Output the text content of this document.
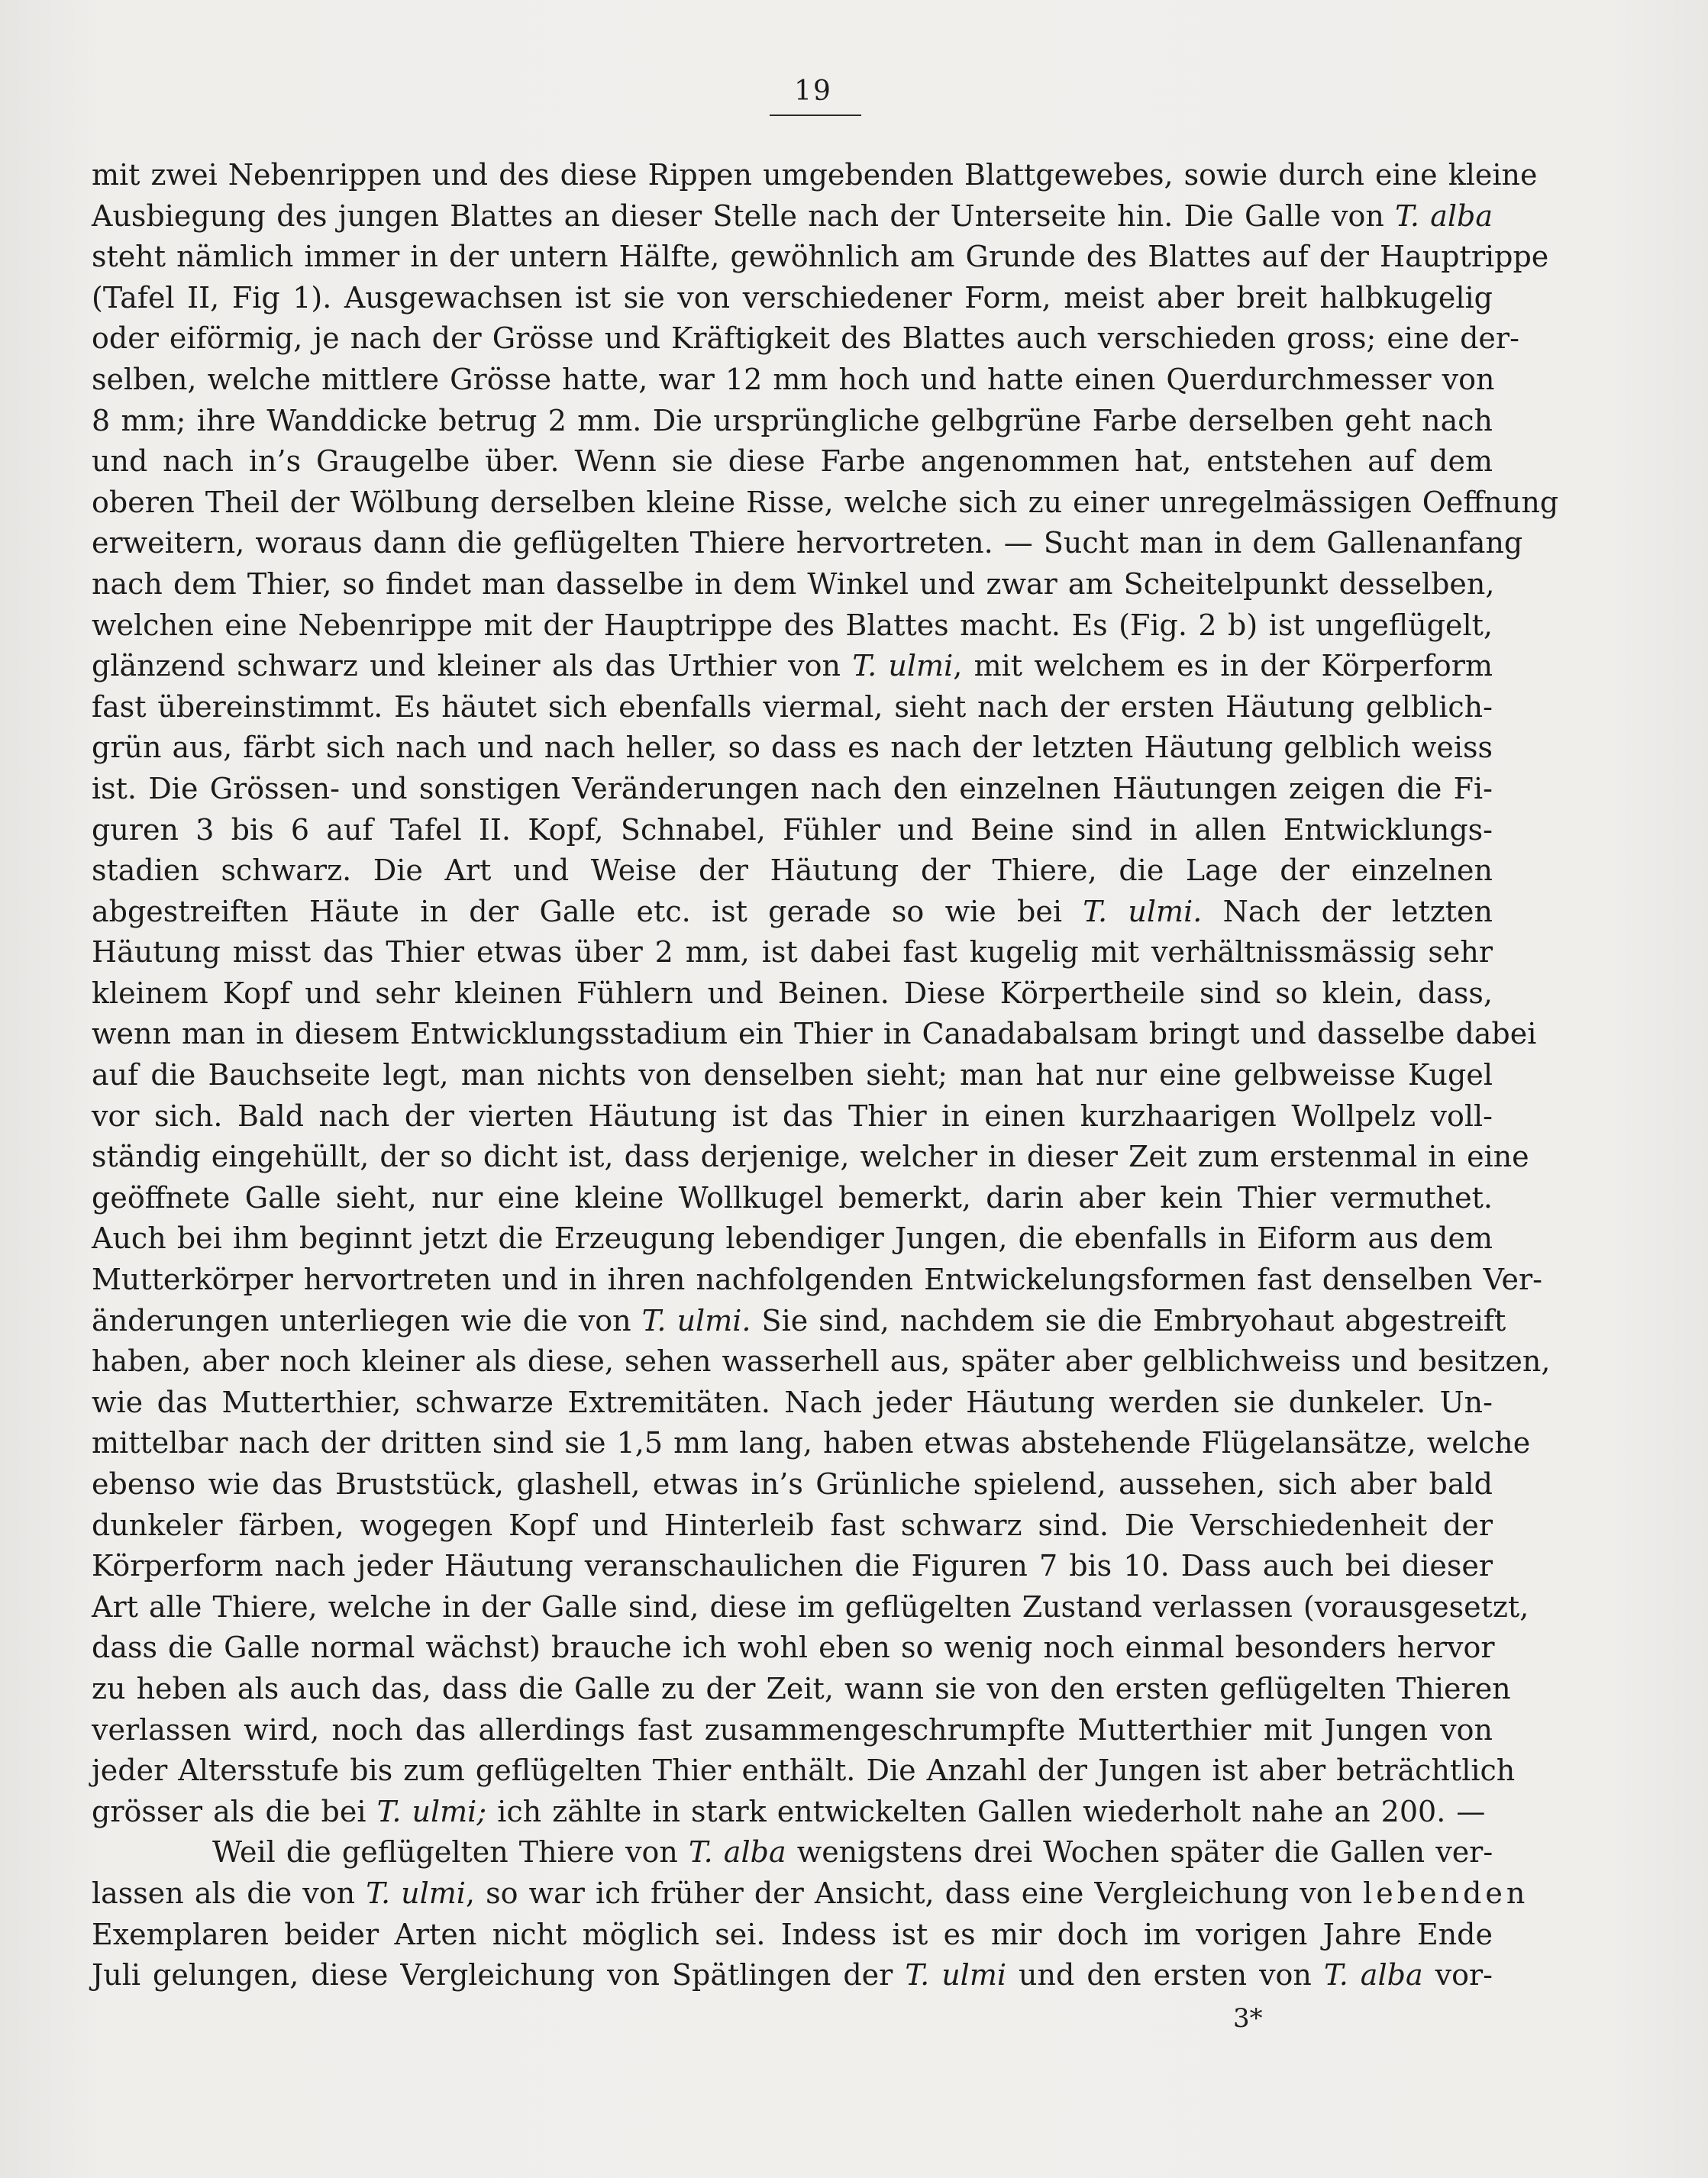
19
mit zwei Nebenrippen und des diese Rippen umgebenden Blattgewebes, sowie durch eine kleine
Ausbiegung des jungen Blattes an dieser Stelle nach der Unterseite hin. Die Galle von T. alba
steht nämlich immer in der untern Hälfte, gewöhnlich am Grunde des Blattes auf der Hauptrippe
(Tafel II, Fig 1). Ausgewachsen ist sie von verschiedener Form, meist aber breit halbkugelig
oder eiförmig, je nach der Grösse und Kräftigkeit des Blattes auch verschieden gross; eine der-
selben, welche mittlere Grösse hatte, war 12 mm hoch und hatte einen Querdurchmesser von
8 mm; ihre Wanddicke betrug 2 mm. Die ursprüngliche gelbgrüne Farbe derselben geht nach
und nach in’s Graugelbe über. Wenn sie diese Farbe angenommen hat, entstehen auf dem
oberen Theil der Wölbung derselben kleine Risse, welche sich zu einer unregelmässigen Oeffnung
erweitern, woraus dann die geflügelten Thiere hervortreten. — Sucht man in dem Gallenanfang
nach dem Thier, so findet man dasselbe in dem Winkel und zwar am Scheitelpunkt desselben,
welchen eine Nebenrippe mit der Hauptrippe des Blattes macht. Es (Fig. 2 b) ist ungeflügelt,
glänzend schwarz und kleiner als das Urthier von T. ulmi, mit welchem es in der Körperform
fast übereinstimmt. Es häutet sich ebenfalls viermal, sieht nach der ersten Häutung gelblich-
grün aus, färbt sich nach und nach heller, so dass es nach der letzten Häutung gelblich weiss
ist. Die Grössen- und sonstigen Veränderungen nach den einzelnen Häutungen zeigen die Fi-
guren 3 bis 6 auf Tafel II. Kopf, Schnabel, Fühler und Beine sind in allen Entwicklungs-
stadien schwarz. Die Art und Weise der Häutung der Thiere, die Lage der einzelnen
abgestreiften Häute in der Galle etc. ist gerade so wie bei T. ulmi. Nach der letzten
Häutung misst das Thier etwas über 2 mm, ist dabei fast kugelig mit verhältnissmässig sehr
kleinem Kopf und sehr kleinen Fühlern und Beinen. Diese Körpertheile sind so klein, dass,
wenn man in diesem Entwicklungsstadium ein Thier in Canadabalsam bringt und dasselbe dabei
auf die Bauchseite legt, man nichts von denselben sieht; man hat nur eine gelbweisse Kugel
vor sich. Bald nach der vierten Häutung ist das Thier in einen kurzhaarigen Wollpelz voll-
ständig eingehüllt, der so dicht ist, dass derjenige, welcher in dieser Zeit zum erstenmal in eine
geöffnete Galle sieht, nur eine kleine Wollkugel bemerkt, darin aber kein Thier vermuthet.
Auch bei ihm beginnt jetzt die Erzeugung lebendiger Jungen, die ebenfalls in Eiform aus dem
Mutterkörper hervortreten und in ihren nachfolgenden Entwickelungsformen fast denselben Ver-
änderungen unterliegen wie die von T. ulmi. Sie sind, nachdem sie die Embryohaut abgestreift
haben, aber noch kleiner als diese, sehen wasserhell aus, später aber gelblichweiss und besitzen,
wie das Mutterthier, schwarze Extremitäten. Nach jeder Häutung werden sie dunkeler. Un-
mittelbar nach der dritten sind sie 1,5 mm lang, haben etwas abstehende Flügelansätze, welche
ebenso wie das Bruststück, glashell, etwas in’s Grünliche spielend, aussehen, sich aber bald
dunkeler färben, wogegen Kopf und Hinterleib fast schwarz sind. Die Verschiedenheit der
Körperform nach jeder Häutung veranschaulichen die Figuren 7 bis 10. Dass auch bei dieser
Art alle Thiere, welche in der Galle sind, diese im geflügelten Zustand verlassen (vorausgesetzt,
dass die Galle normal wächst) brauche ich wohl eben so wenig noch einmal besonders hervor
zu heben als auch das, dass die Galle zu der Zeit, wann sie von den ersten geflügelten Thieren
verlassen wird, noch das allerdings fast zusammengeschrumpfte Mutterthier mit Jungen von
jeder Altersstufe bis zum geflügelten Thier enthält. Die Anzahl der Jungen ist aber beträchtlich
grösser als die bei T. ulmi; ich zählte in stark entwickelten Gallen wiederholt nahe an 200. —
Weil die geflügelten Thiere von T. alba wenigstens drei Wochen später die Gallen ver-
lassen als die von T. ulmi, so war ich früher der Ansicht, dass eine Vergleichung von lebenden
Exemplaren beider Arten nicht möglich sei. Indess ist es mir doch im vorigen Jahre Ende
Juli gelungen, diese Vergleichung von Spätlingen der T. ulmi und den ersten von T. alba vor-
3*
